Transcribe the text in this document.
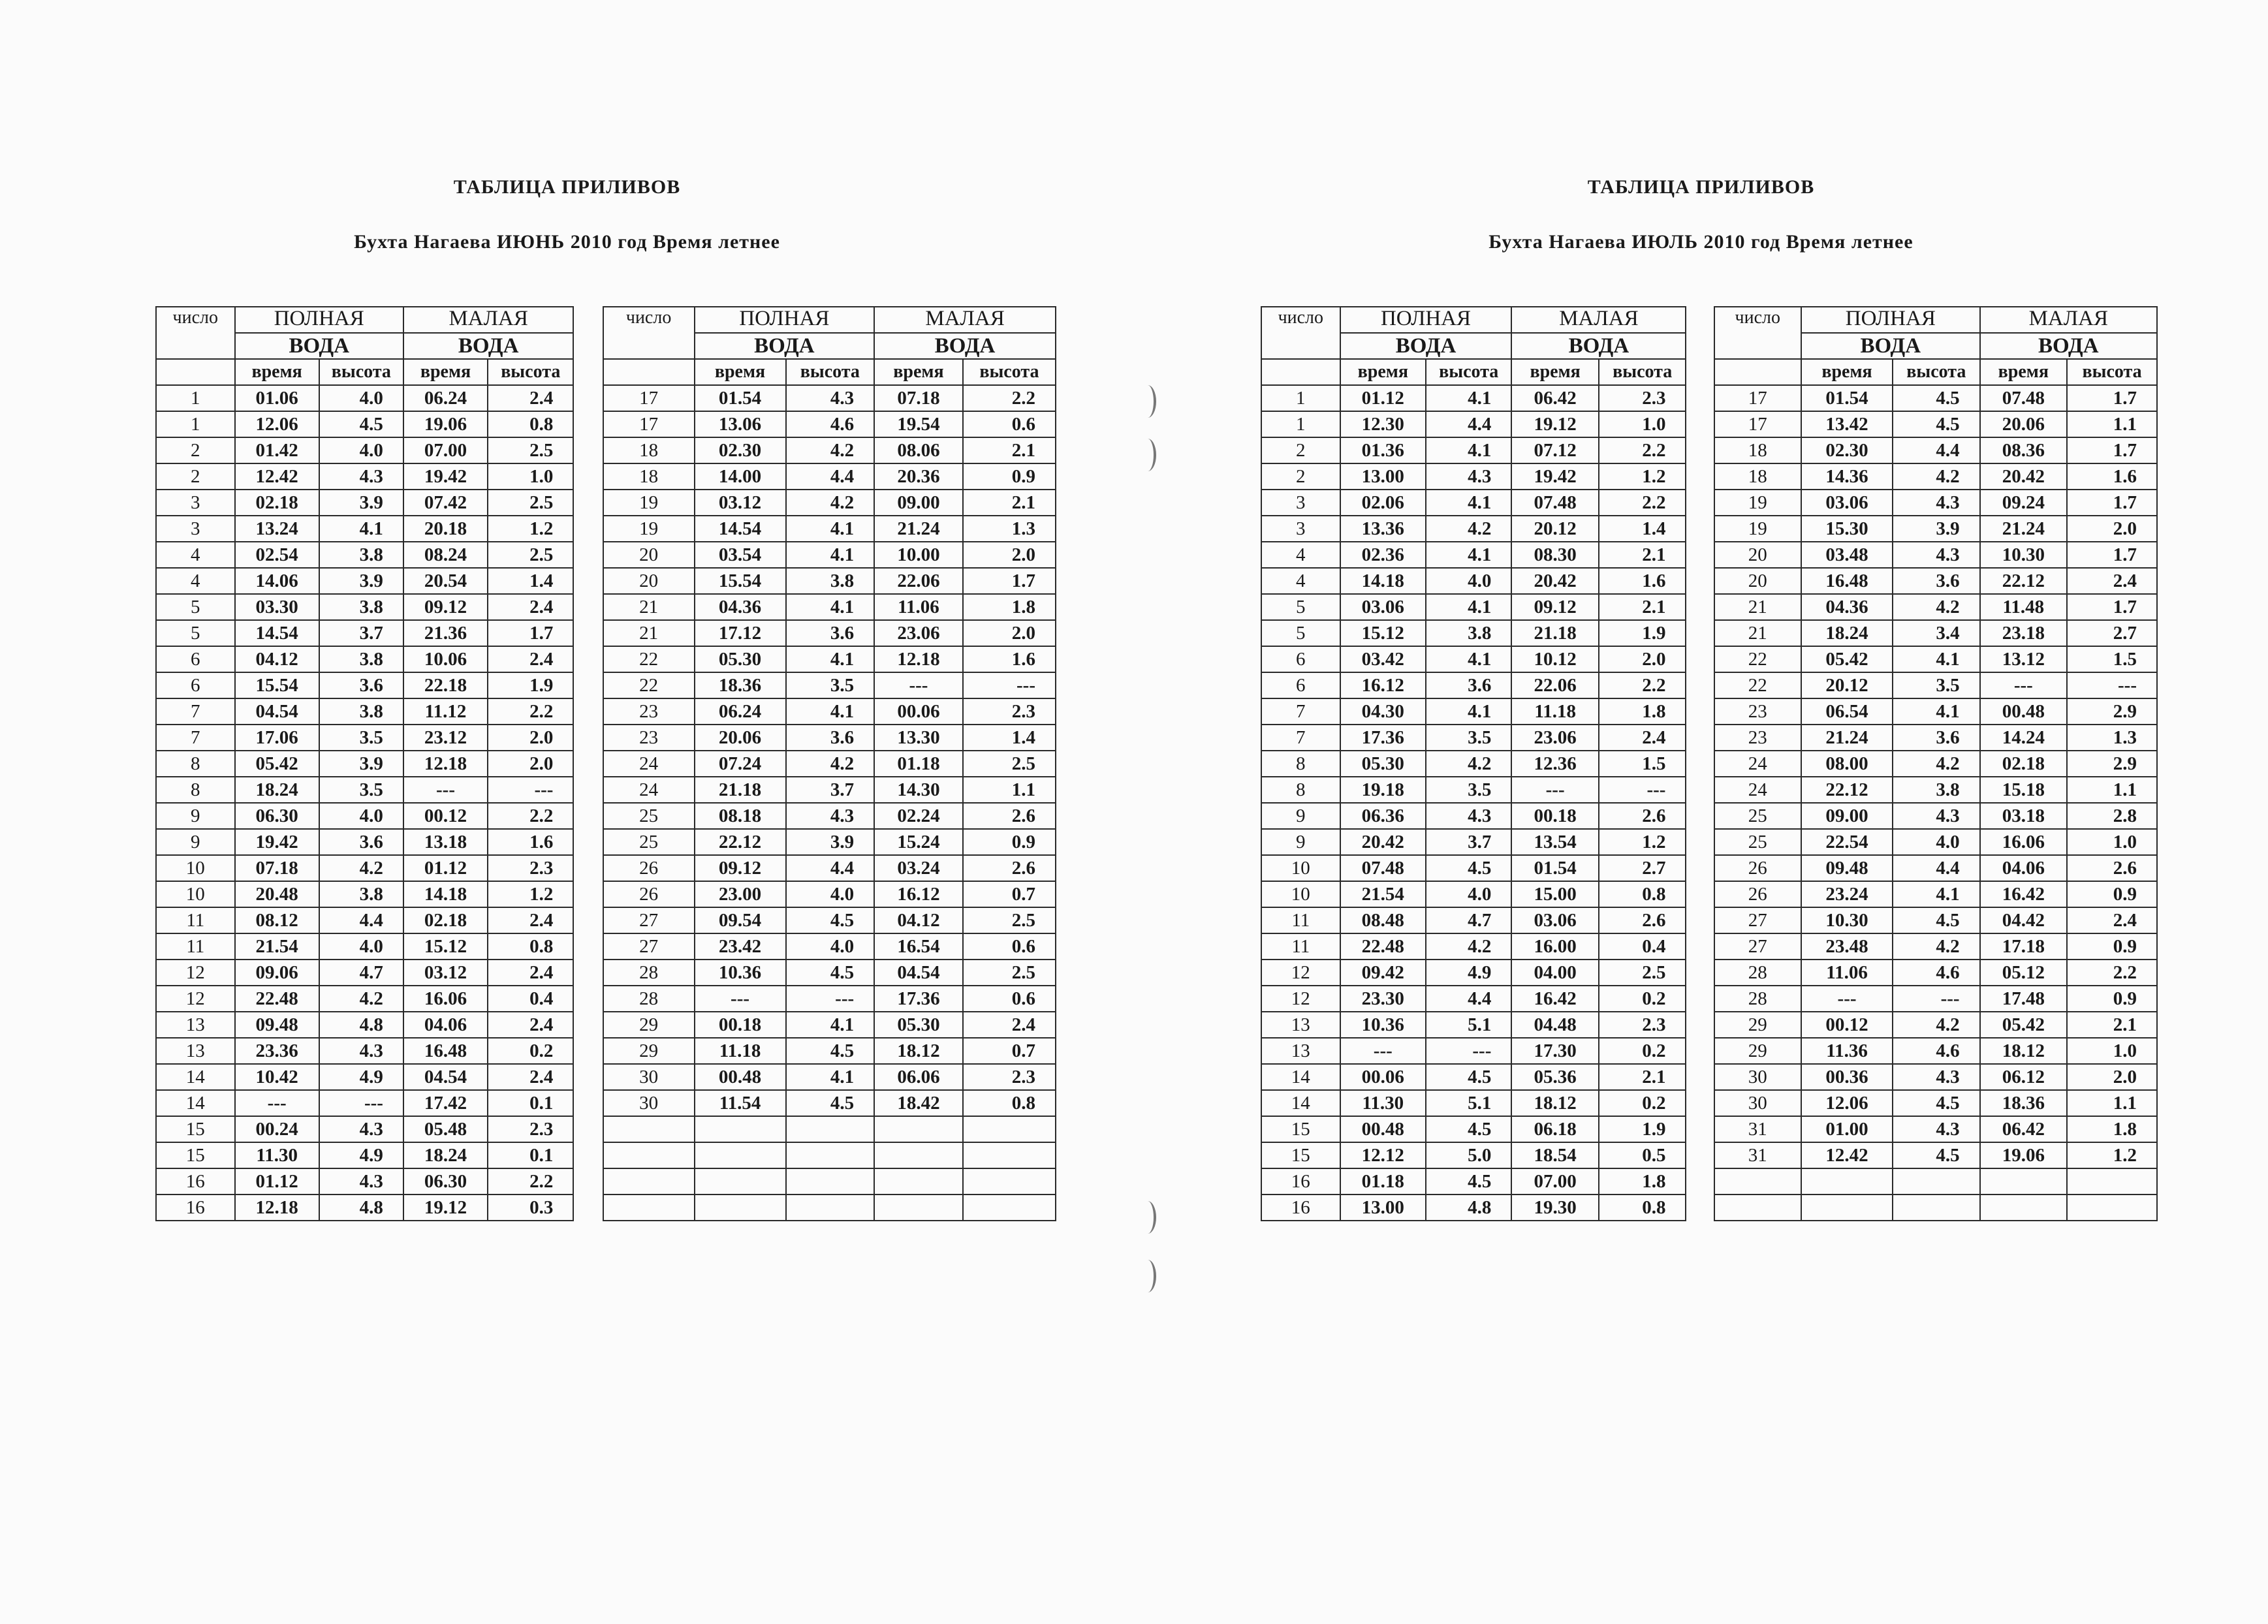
ТАБЛИЦА ПРИЛИВОВ
Бухта Нагаева ИЮНЬ 2010 год Время летнее
число	ПОЛНАЯ		МАЛАЯ			число	ПОЛНАЯ		МАЛАЯ	
	ВОДА		ВОДА				ВОДА		ВОДА	
	время	высота	время	высота			время	высота	время	высота
1	01.06	4.0	06.24	2.4		17	01.54	4.3	07.18	2.2
1	12.06	4.5	19.06	0.8		17	13.06	4.6	19.54	0.6
2	01.42	4.0	07.00	2.5		18	02.30	4.2	08.06	2.1
2	12.42	4.3	19.42	1.0		18	14.00	4.4	20.36	0.9
3	02.18	3.9	07.42	2.5		19	03.12	4.2	09.00	2.1
3	13.24	4.1	20.18	1.2		19	14.54	4.1	21.24	1.3
4	02.54	3.8	08.24	2.5		20	03.54	4.1	10.00	2.0
4	14.06	3.9	20.54	1.4		20	15.54	3.8	22.06	1.7
5	03.30	3.8	09.12	2.4		21	04.36	4.1	11.06	1.8
5	14.54	3.7	21.36	1.7		21	17.12	3.6	23.06	2.0
6	04.12	3.8	10.06	2.4		22	05.30	4.1	12.18	1.6
6	15.54	3.6	22.18	1.9		22	18.36	3.5	---	---
7	04.54	3.8	11.12	2.2		23	06.24	4.1	00.06	2.3
7	17.06	3.5	23.12	2.0		23	20.06	3.6	13.30	1.4
8	05.42	3.9	12.18	2.0		24	07.24	4.2	01.18	2.5
8	18.24	3.5	---	---		24	21.18	3.7	14.30	1.1
9	06.30	4.0	00.12	2.2		25	08.18	4.3	02.24	2.6
9	19.42	3.6	13.18	1.6		25	22.12	3.9	15.24	0.9
10	07.18	4.2	01.12	2.3		26	09.12	4.4	03.24	2.6
10	20.48	3.8	14.18	1.2		26	23.00	4.0	16.12	0.7
11	08.12	4.4	02.18	2.4		27	09.54	4.5	04.12	2.5
11	21.54	4.0	15.12	0.8		27	23.42	4.0	16.54	0.6
12	09.06	4.7	03.12	2.4		28	10.36	4.5	04.54	2.5
12	22.48	4.2	16.06	0.4		28	---	---	17.36	0.6
13	09.48	4.8	04.06	2.4		29	00.18	4.1	05.30	2.4
13	23.36	4.3	16.48	0.2		29	11.18	4.5	18.12	0.7
14	10.42	4.9	04.54	2.4		30	00.48	4.1	06.06	2.3
14	---	---	17.42	0.1		30	11.54	4.5	18.42	0.8
15	00.24	4.3	05.48	2.3						
15	11.30	4.9	18.24	0.1						
16	01.12	4.3	06.30	2.2						
16	12.18	4.8	19.12	0.3						
ТАБЛИЦА ПРИЛИВОВ
Бухта Нагаева ИЮЛЬ 2010 год Время летнее
число	ПОЛНАЯ		МАЛАЯ			число	ПОЛНАЯ		МАЛАЯ	
	ВОДА		ВОДА				ВОДА		ВОДА	
	время	высота	время	высота			время	высота	время	высота
1	01.12	4.1	06.42	2.3		17	01.54	4.5	07.48	1.7
1	12.30	4.4	19.12	1.0		17	13.42	4.5	20.06	1.1
2	01.36	4.1	07.12	2.2		18	02.30	4.4	08.36	1.7
2	13.00	4.3	19.42	1.2		18	14.36	4.2	20.42	1.6
3	02.06	4.1	07.48	2.2		19	03.06	4.3	09.24	1.7
3	13.36	4.2	20.12	1.4		19	15.30	3.9	21.24	2.0
4	02.36	4.1	08.30	2.1		20	03.48	4.3	10.30	1.7
4	14.18	4.0	20.42	1.6		20	16.48	3.6	22.12	2.4
5	03.06	4.1	09.12	2.1		21	04.36	4.2	11.48	1.7
5	15.12	3.8	21.18	1.9		21	18.24	3.4	23.18	2.7
6	03.42	4.1	10.12	2.0		22	05.42	4.1	13.12	1.5
6	16.12	3.6	22.06	2.2		22	20.12	3.5	---	---
7	04.30	4.1	11.18	1.8		23	06.54	4.1	00.48	2.9
7	17.36	3.5	23.06	2.4		23	21.24	3.6	14.24	1.3
8	05.30	4.2	12.36	1.5		24	08.00	4.2	02.18	2.9
8	19.18	3.5	---	---		24	22.12	3.8	15.18	1.1
9	06.36	4.3	00.18	2.6		25	09.00	4.3	03.18	2.8
9	20.42	3.7	13.54	1.2		25	22.54	4.0	16.06	1.0
10	07.48	4.5	01.54	2.7		26	09.48	4.4	04.06	2.6
10	21.54	4.0	15.00	0.8		26	23.24	4.1	16.42	0.9
11	08.48	4.7	03.06	2.6		27	10.30	4.5	04.42	2.4
11	22.48	4.2	16.00	0.4		27	23.48	4.2	17.18	0.9
12	09.42	4.9	04.00	2.5		28	11.06	4.6	05.12	2.2
12	23.30	4.4	16.42	0.2		28	---	---	17.48	0.9
13	10.36	5.1	04.48	2.3		29	00.12	4.2	05.42	2.1
13	---	---	17.30	0.2		29	11.36	4.6	18.12	1.0
14	00.06	4.5	05.36	2.1		30	00.36	4.3	06.12	2.0
14	11.30	5.1	18.12	0.2		30	12.06	4.5	18.36	1.1
15	00.48	4.5	06.18	1.9		31	01.00	4.3	06.42	1.8
15	12.12	5.0	18.54	0.5		31	12.42	4.5	19.06	1.2
16	01.18	4.5	07.00	1.8						
16	13.00	4.8	19.30	0.8						
